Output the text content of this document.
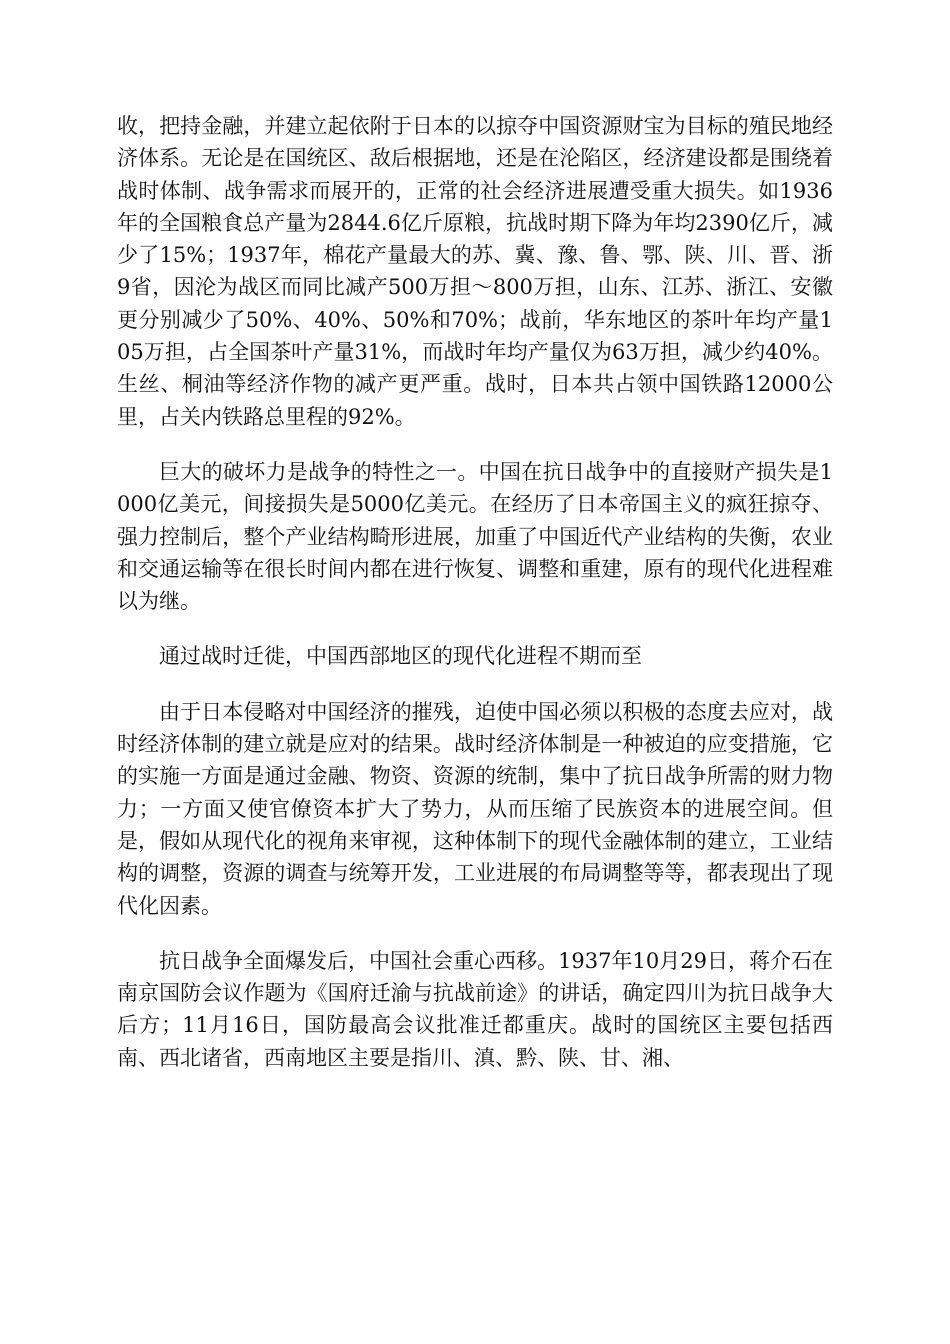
收，把持金融，并建立起依附于日本的以掠夺中国资源财宝为目标的殖民地经济体系。无论是在国统区、敌后根据地，还是在沦陷区，经济建设都是围绕着战时体制、战争需求而展开的，正常的社会经济进展遭受重大损失。如1936年的全国粮食总产量为2844.6亿斤原粮，抗战时期下降为年均2390亿斤，减少了15%；1937年，棉花产量最大的苏、冀、豫、鲁、鄂、陕、川、晋、浙9省，因沦为战区而同比减产500万担～800万担，山东、江苏、浙江、安徽更分别减少了50%、40%、50%和70%；战前，华东地区的茶叶年均产量105万担，占全国茶叶产量31%，而战时年均产量仅为63万担，减少约40%。生丝、桐油等经济作物的减产更严重。战时，日本共占领中国铁路12000公里，占关内铁路总里程的92%。

巨大的破坏力是战争的特性之一。中国在抗日战争中的直接财产损失是1000亿美元，间接损失是5000亿美元。在经历了日本帝国主义的疯狂掠夺、强力控制后，整个产业结构畸形进展，加重了中国近代产业结构的失衡，农业和交通运输等在很长时间内都在进行恢复、调整和重建，原有的现代化进程难以为继。

通过战时迁徙，中国西部地区的现代化进程不期而至

由于日本侵略对中国经济的摧残，迫使中国必须以积极的态度去应对，战时经济体制的建立就是应对的结果。战时经济体制是一种被迫的应变措施，它的实施一方面是通过金融、物资、资源的统制，集中了抗日战争所需的财力物力；一方面又使官僚资本扩大了势力，从而压缩了民族资本的进展空间。但是，假如从现代化的视角来审视，这种体制下的现代金融体制的建立，工业结构的调整，资源的调查与统筹开发，工业进展的布局调整等等，都表现出了现代化因素。

抗日战争全面爆发后，中国社会重心西移。1937年10月29日，蒋介石在南京国防会议作题为《国府迁渝与抗战前途》的讲话，确定四川为抗日战争大后方；11月16日，国防最高会议批准迁都重庆。战时的国统区主要包括西南、西北诸省，西南地区主要是指川、滇、黔、陕、甘、湘、
